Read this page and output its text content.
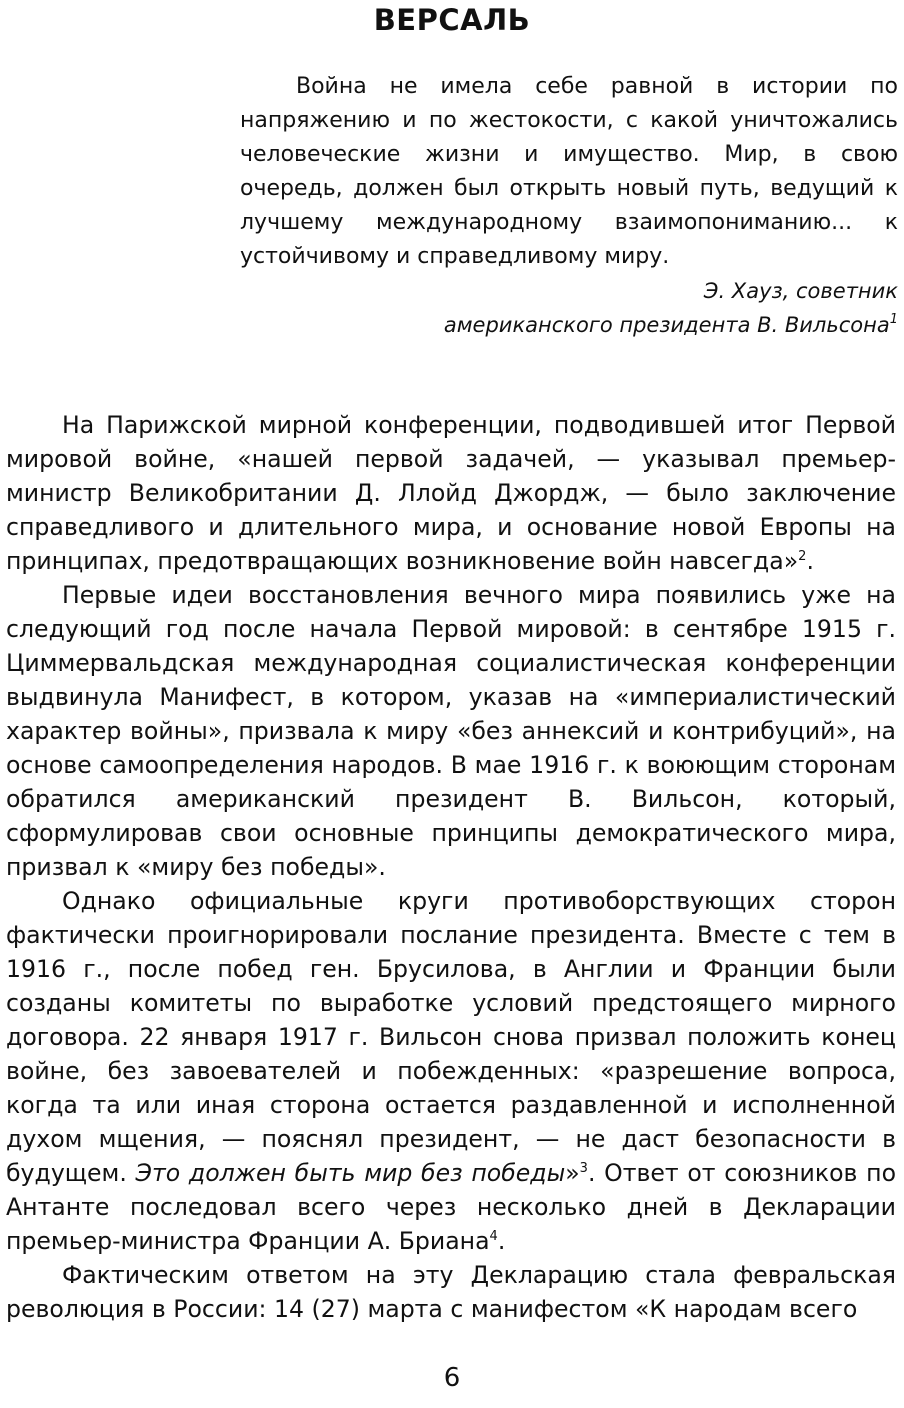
ВЕРСАЛЬ

Война не имела себе равной в истории по напряжению и по жестокости, с какой уничтожались человеческие жизни и имущество. Мир, в свою очередь, должен был открыть новый путь, ведущий к лучшему международному взаимопониманию... к устойчивому и справедливому миру.

Э. Хауз, советник

американского президента В. Вильсона$^1$

На Парижской мирной конференции, подводившей итог Первой мировой войне, «нашей первой задачей, — указывал премьер-министр Великобритании Д. Ллойд Джордж, — было заключение справедливого и длительного мира, и основание новой Европы на принципах, предотвращающих возникновение войн навсегда»$^2$.

Первые идеи восстановления вечного мира появились уже на следующий год после начала Первой мировой: в сентябре 1915 г. Циммервальдская международная социалистическая конференции выдвинула Манифест, в котором, указав на «империалистический характер войны», призвала к миру «без аннексий и контрибуций», на основе самоопределения народов. В мае 1916 г. к воюющим сторонам обратился американский президент В. Вильсон, который, сформулировав свои основные принципы демократического мира, призвал к «миру без победы».

Однако официальные круги противоборствующих сторон фактически проигнорировали послание президента. Вместе с тем в 1916 г., после побед ген. Брусилова, в Англии и Франции были созданы комитеты по выработке условий предстоящего мирного договора. 22 января 1917 г. Вильсон снова призвал положить конец войне, без завоевателей и побежденных: «разрешение вопроса, когда та или иная сторона остается раздавленной и исполненной духом мщения, — пояснял президент, — не даст безопасности в будущем. Это должен быть мир без победы»$^3$. Ответ от союзников по Антанте последовал всего через несколько дней в Декларации премьер-министра Франции А. Бриана$^4$.

Фактическим ответом на эту Декларацию стала февральская революция в России: 14 (27) марта с манифестом «К народам всего

6
